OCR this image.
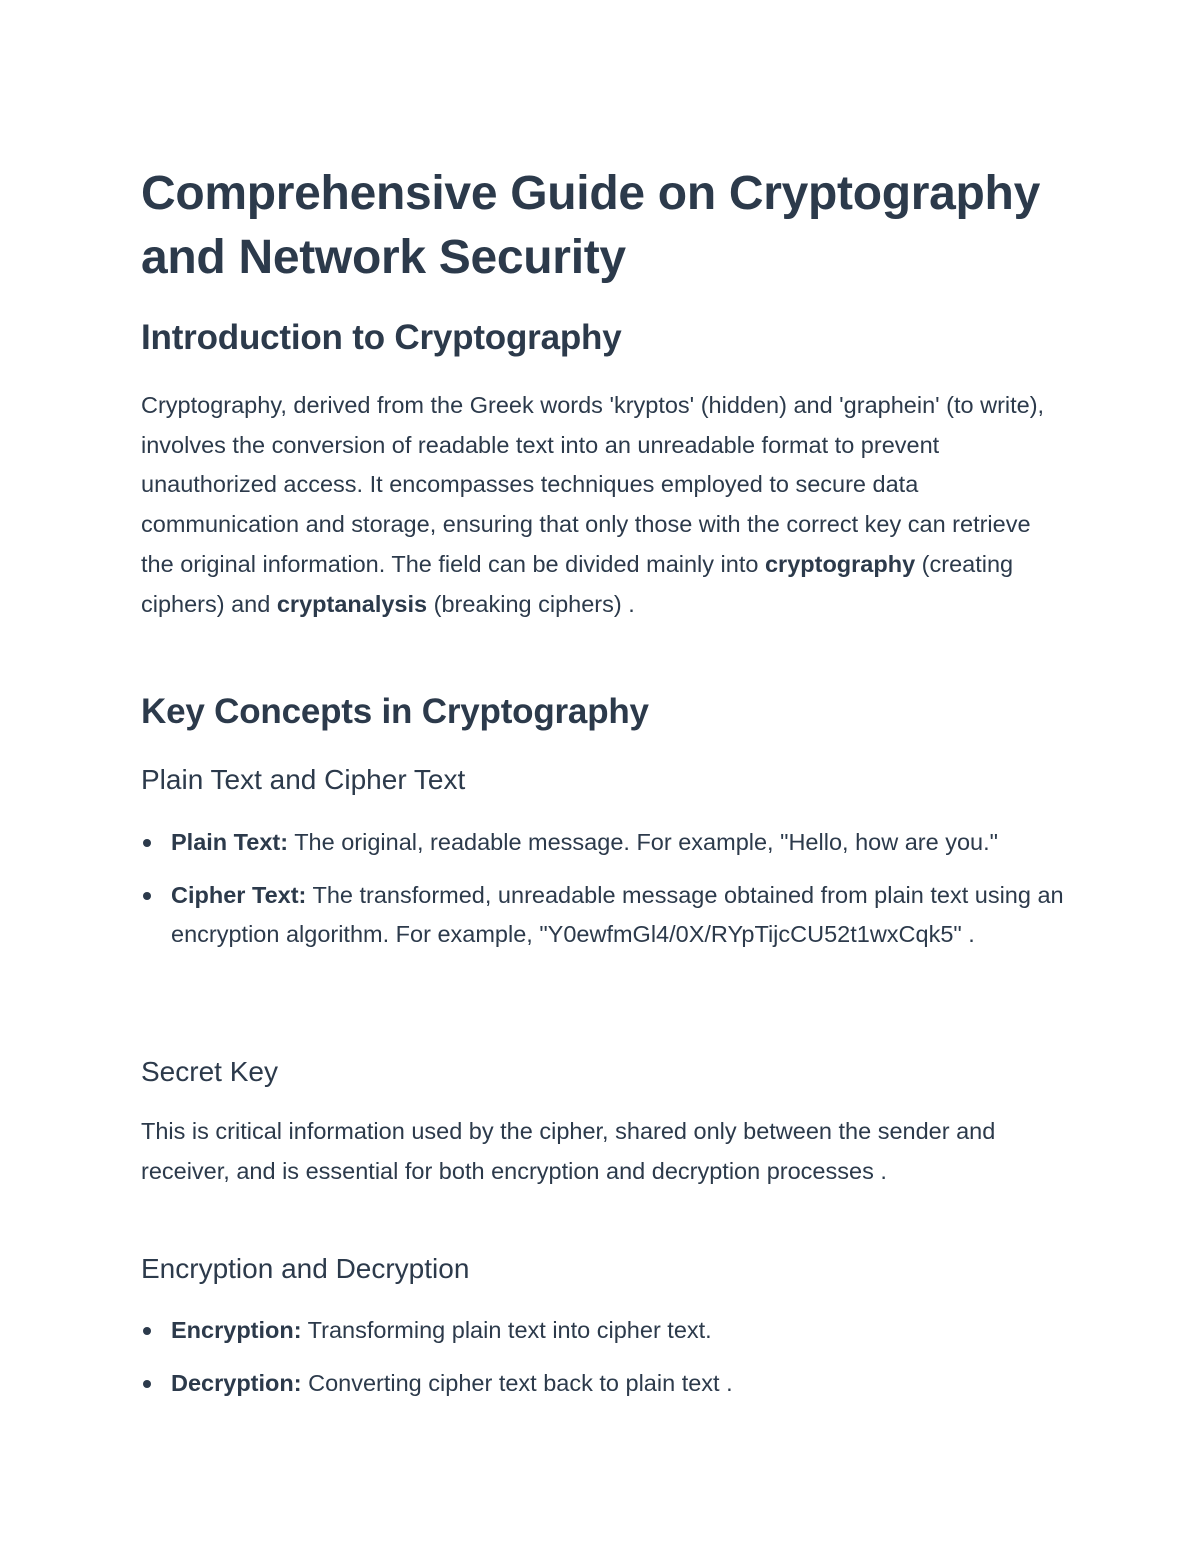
Comprehensive Guide on Cryptography and Network Security
Introduction to Cryptography

Cryptography, derived from the Greek words 'kryptos' (hidden) and 'graphein' (to write), involves the conversion of readable text into an unreadable format to prevent unauthorized access. It encompasses techniques employed to secure data communication and storage, ensuring that only those with the correct key can retrieve the original information. The field can be divided mainly into cryptography (creating ciphers) and cryptanalysis (breaking ciphers) .

Key Concepts in Cryptography
Plain Text and Cipher Text
Plain Text: The original, readable message. For example, "Hello, how are you."
Cipher Text: The transformed, unreadable message obtained from plain text using an encryption algorithm. For example, "Y0ewfmGl4/0X/RYpTijcCU52t1wxCqk5" .
Secret Key

This is critical information used by the cipher, shared only between the sender and receiver, and is essential for both encryption and decryption processes .

Encryption and Decryption
Encryption: Transforming plain text into cipher text.
Decryption: Converting cipher text back to plain text .
